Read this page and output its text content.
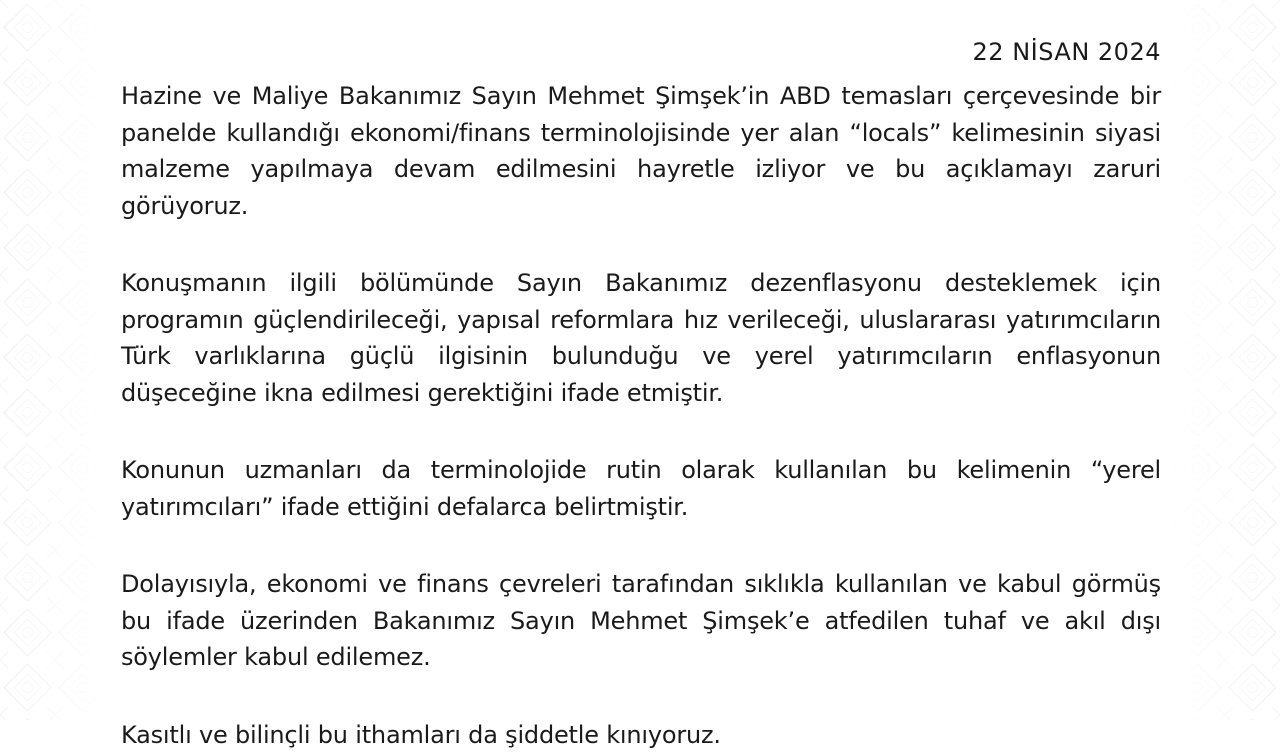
22 NİSAN 2024

Hazine ve Maliye Bakanımız Sayın Mehmet Şimşek’in ABD temasları çerçevesinde bir panelde kullandığı ekonomi/finans terminolojisinde yer alan “locals” kelimesinin siyasi malzeme yapılmaya devam edilmesini hayretle izliyor ve bu açıklamayı zaruri görüyoruz.

Konuşmanın ilgili bölümünde Sayın Bakanımız dezenflasyonu desteklemek için programın güçlendirileceği, yapısal reformlara hız verileceği, uluslararası yatırımcıların Türk varlıklarına güçlü ilgisinin bulunduğu ve yerel yatırımcıların enflasyonun düşeceğine ikna edilmesi gerektiğini ifade etmiştir.

Konunun uzmanları da terminolojide rutin olarak kullanılan bu kelimenin “yerel yatırımcıları” ifade ettiğini defalarca belirtmiştir.

Dolayısıyla, ekonomi ve finans çevreleri tarafından sıklıkla kullanılan ve kabul görmüş bu ifade üzerinden Bakanımız Sayın Mehmet Şimşek’e atfedilen tuhaf ve akıl dışı söylemler kabul edilemez.

Kasıtlı ve bilinçli bu ithamları da şiddetle kınıyoruz.
